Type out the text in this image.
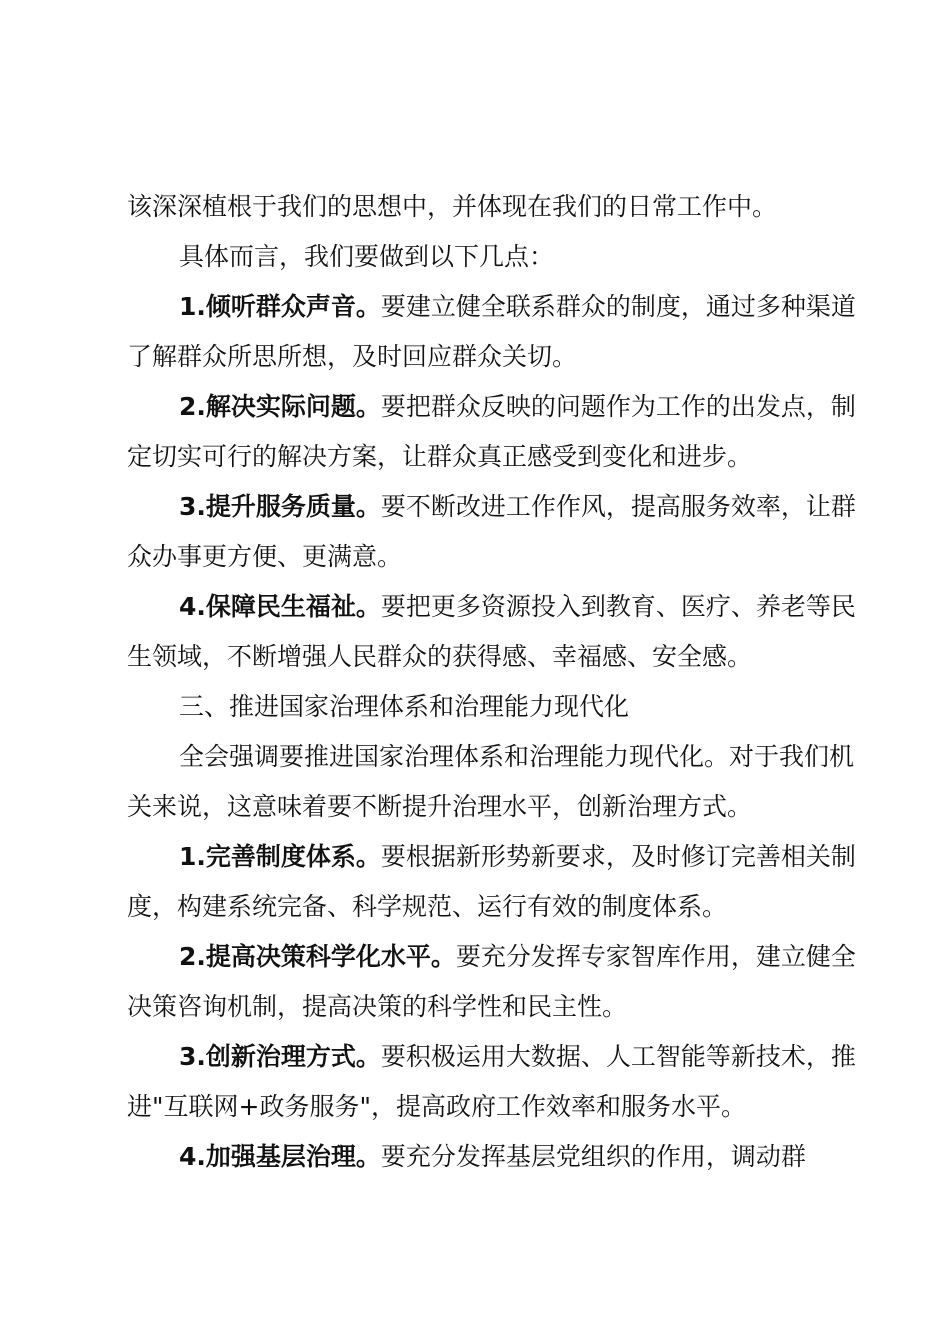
该深深植根于我们的思想中，并体现在我们的日常工作中。

具体而言，我们要做到以下几点：

1.倾听群众声音。要建立健全联系群众的制度，通过多种渠道了解群众所思所想，及时回应群众关切。

2.解决实际问题。要把群众反映的问题作为工作的出发点，制定切实可行的解决方案，让群众真正感受到变化和进步。

3.提升服务质量。要不断改进工作作风，提高服务效率，让群众办事更方便、更满意。

4.保障民生福祉。要把更多资源投入到教育、医疗、养老等民生领域，不断增强人民群众的获得感、幸福感、安全感。

三、推进国家治理体系和治理能力现代化

全会强调要推进国家治理体系和治理能力现代化。对于我们机关来说，这意味着要不断提升治理水平，创新治理方式。

1.完善制度体系。要根据新形势新要求，及时修订完善相关制度，构建系统完备、科学规范、运行有效的制度体系。

2.提高决策科学化水平。要充分发挥专家智库作用，建立健全决策咨询机制，提高决策的科学性和民主性。

3.创新治理方式。要积极运用大数据、人工智能等新技术，推进"互联网+政务服务"，提高政府工作效率和服务水平。

4.加强基层治理。要充分发挥基层党组织的作用，调动群
